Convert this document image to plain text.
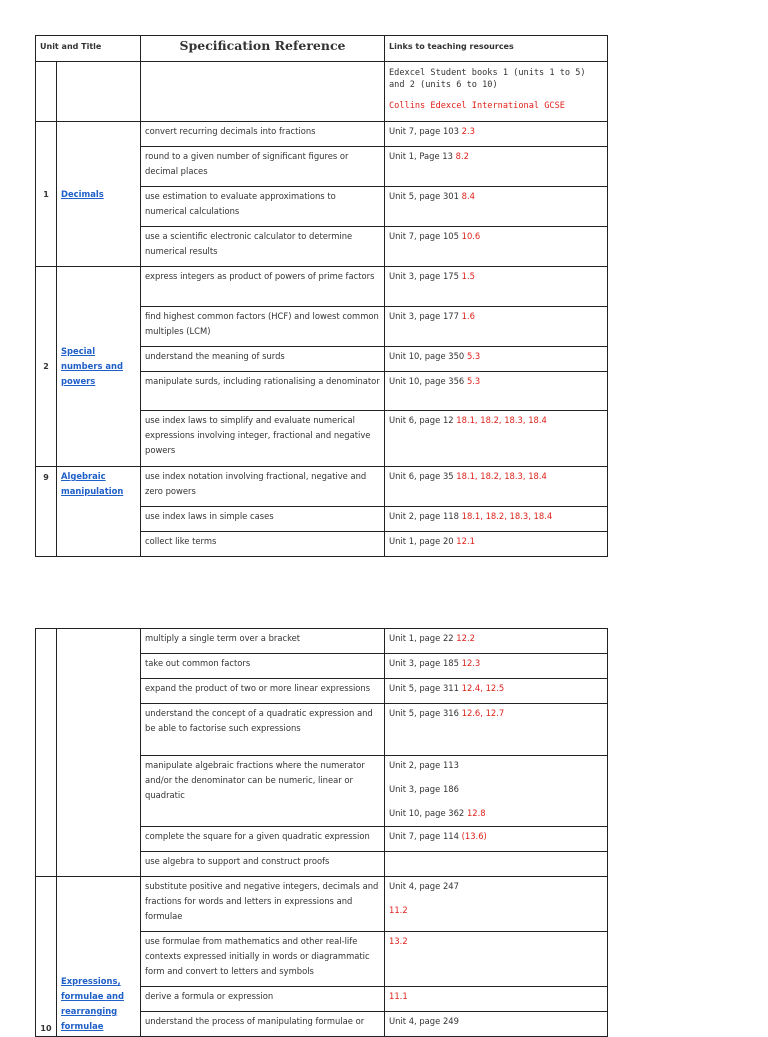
Unit and Title		Specification Reference	Links to teaching resources
			Edexcel Student books 1 (units 1 to 5) and 2 (units 6 to 10)
Collins Edexcel International GCSE

1	Decimals	convert recurring decimals into fractions	Unit 7, page 103 2.3
		round to a given number of significant figures or decimal places	Unit 1, Page 13 8.2
		use estimation to evaluate approximations to numerical calculations	Unit 5, page 301 8.4
		use a scientific electronic calculator to determine numerical results	Unit 7, page 105 10.6
2	Special numbers and powers	express integers as product of powers of prime factors	Unit 3, page 175 1.5
		find highest common factors (HCF) and lowest common multiples (LCM)	Unit 3, page 177 1.6
		understand the meaning of surds	Unit 10, page 350 5.3
		manipulate surds, including rationalising a denominator	Unit 10, page 356 5.3
		use index laws to simplify and evaluate numerical expressions involving integer, fractional and negative powers	Unit 6, page 12 18.1, 18.2, 18.3, 18.4
9	Algebraic manipulation	use index notation involving fractional, negative and zero powers	Unit 6, page 35 18.1, 18.2, 18.3, 18.4
		use index laws in simple cases	Unit 2, page 118 18.1, 18.2, 18.3, 18.4
		collect like terms	Unit 1, page 20 12.1
		multiply a single term over a bracket	Unit 1, page 22 12.2
		take out common factors	Unit 3, page 185 12.3
		expand the product of two or more linear expressions	Unit 5, page 311 12.4, 12.5
		understand the concept of a quadratic expression and be able to factorise such expressions	Unit 5, page 316 12.6, 12.7
		manipulate algebraic fractions where the numerator and/or the denominator can be numeric, linear or quadratic	Unit 2, page 113
Unit 3, page 186
Unit 10, page 362 12.8

		complete the square for a given quadratic expression	Unit 7, page 114 (13.6)
		use algebra to support and construct proofs	
10	Expressions, formulae and rearranging formulae	substitute positive and negative integers, decimals and fractions for words and letters in expressions and formulae	Unit 4, page 247
11.2

		use formulae from mathematics and other real-life contexts expressed initially in words or diagrammatic form and convert to letters and symbols	13.2
		derive a formula or expression	11.1
		understand the process of manipulating formulae or	Unit 4, page 249
